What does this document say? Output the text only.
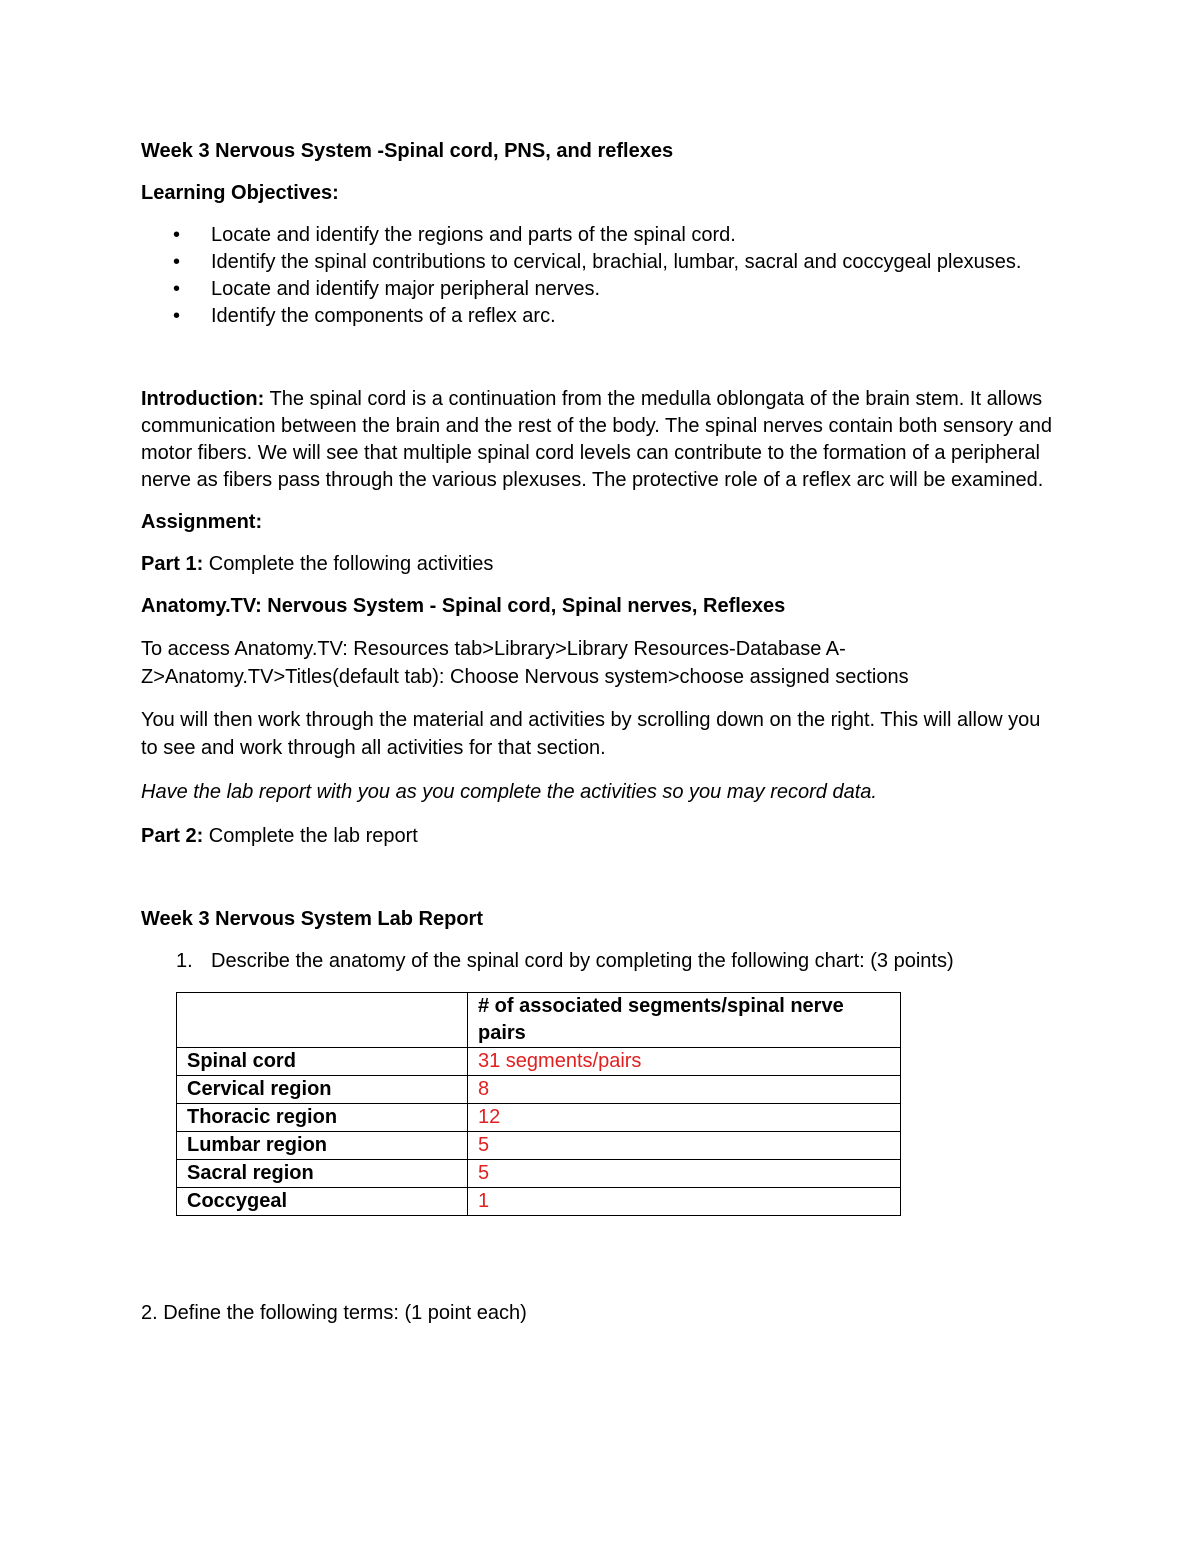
Week 3 Nervous System -Spinal cord, PNS, and reflexes

Learning Objectives:

• Locate and identify the regions and parts of the spinal cord.
• Identify the spinal contributions to cervical, brachial, lumbar, sacral and coccygeal plexuses.
• Locate and identify major peripheral nerves.
• Identify the components of a reflex arc.

Introduction: The spinal cord is a continuation from the medulla oblongata of the brain stem. It allows communication between the brain and the rest of the body. The spinal nerves contain both sensory and motor fibers. We will see that multiple spinal cord levels can contribute to the formation of a peripheral nerve as fibers pass through the various plexuses. The protective role of a reflex arc will be examined.

Assignment:

Part 1: Complete the following activities

Anatomy.TV: Nervous System - Spinal cord, Spinal nerves, Reflexes

To access Anatomy.TV: Resources tab>Library>Library Resources-Database A-Z>Anatomy.TV>Titles(default tab): Choose Nervous system>choose assigned sections

You will then work through the material and activities by scrolling down on the right. This will allow you to see and work through all activities for that section.

Have the lab report with you as you complete the activities so you may record data.

Part 2: Complete the lab report

Week 3 Nervous System Lab Report

1. Describe the anatomy of the spinal cord by completing the following chart: (3 points)

	# of associated segments/spinal nerve pairs
Spinal cord	31 segments/pairs
Cervical region	8
Thoracic region	12
Lumbar region	5
Sacral region	5
Coccygeal	1

2. Define the following terms: (1 point each)
